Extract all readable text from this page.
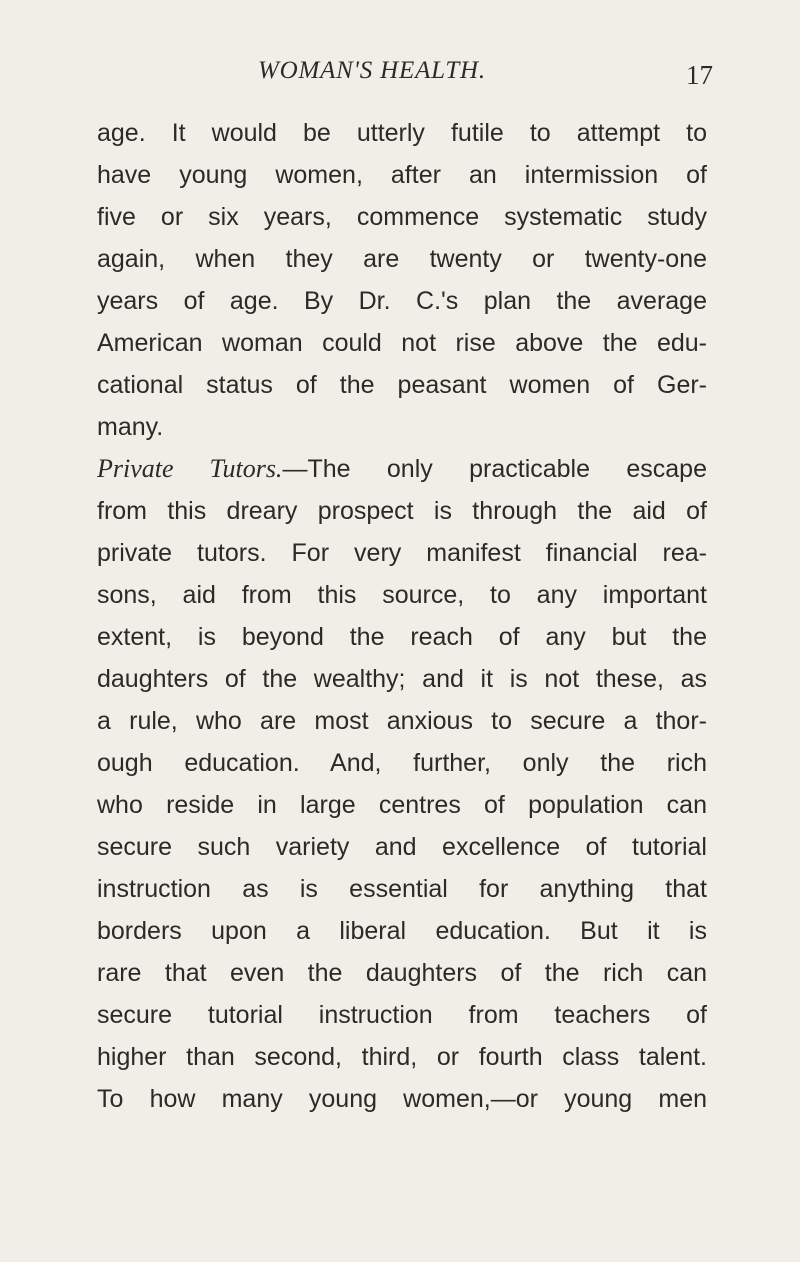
WOMAN'S HEALTH.	17
age. It would be utterly futile to attempt to
have young women, after an intermission of
five or six years, commence systematic study
again, when they are twenty or twenty-one
years of age. By Dr. C.'s plan the average
American woman could not rise above the edu-
cational status of the peasant women of Ger-
many.
Private Tutors.—The only practicable escape
from this dreary prospect is through the aid of
private tutors. For very manifest financial rea-
sons, aid from this source, to any important
extent, is beyond the reach of any but the
daughters of the wealthy; and it is not these, as
a rule, who are most anxious to secure a thor-
ough education. And, further, only the rich
who reside in large centres of population can
secure such variety and excellence of tutorial
instruction as is essential for anything that
borders upon a liberal education. But it is
rare that even the daughters of the rich can
secure tutorial instruction from teachers of
higher than second, third, or fourth class talent.
To how many young women,—or young men
